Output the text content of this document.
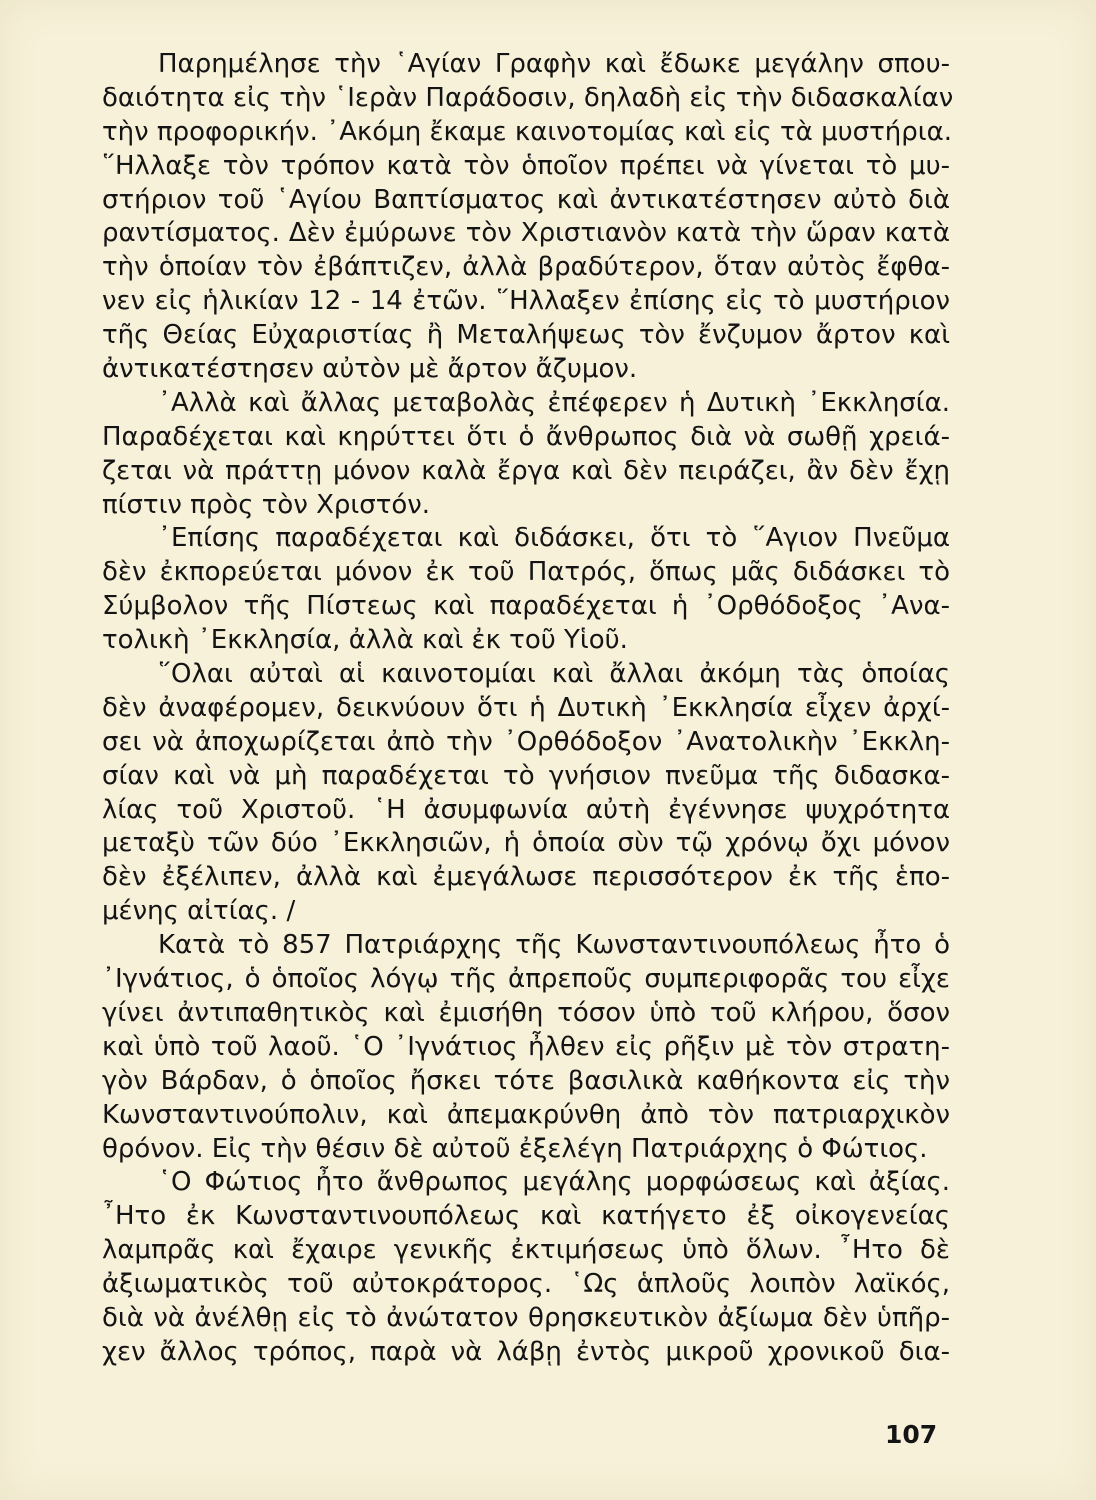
Παρημέλησε τὴν ῾Αγίαν Γραφὴν καὶ ἔδωκε μεγάλην σπου-
δαιότητα εἰς τὴν ῾Ιερὰν Παράδοσιν, δηλαδὴ εἰς τὴν διδασκαλίαν
τὴν προφορικήν. ᾿Ακόμη ἔκαμε καινοτομίας καὶ εἰς τὰ μυστήρια.
῞Ηλλαξε τὸν τρόπον κατὰ τὸν ὁποῖον πρέπει νὰ γίνεται τὸ μυ-
στήριον τοῦ ῾Αγίου Βαπτίσματος καὶ ἀντικατέστησεν αὐτὸ διὰ
ραντίσματος. Δὲν ἐμύρωνε τὸν Χριστιανὸν κατὰ τὴν ὥραν κατὰ
τὴν ὁποίαν τὸν ἐβάπτιζεν, ἀλλὰ βραδύτερον, ὅταν αὐτὸς ἔφθα-
νεν εἰς ἡλικίαν 12 - 14 ἐτῶν. ῞Ηλλαξεν ἐπίσης εἰς τὸ μυστήριον
τῆς Θείας Εὐχαριστίας ἢ Μεταλήψεως τὸν ἔνζυμον ἄρτον καὶ
ἀντικατέστησεν αὐτὸν μὲ ἄρτον ἄζυμον.
᾿Αλλὰ καὶ ἄλλας μεταβολὰς ἐπέφερεν ἡ Δυτικὴ ᾿Εκκλησία.
Παραδέχεται καὶ κηρύττει ὅτι ὁ ἄνθρωπος διὰ νὰ σωθῇ χρειά-
ζεται νὰ πράττῃ μόνον καλὰ ἔργα καὶ δὲν πειράζει, ἂν δὲν ἔχῃ
πίστιν πρὸς τὸν Χριστόν.
᾿Επίσης παραδέχεται καὶ διδάσκει, ὅτι τὸ ῞Αγιον Πνεῦμα
δὲν ἐκπορεύεται μόνον ἐκ τοῦ Πατρός, ὅπως μᾶς διδάσκει τὸ
Σύμβολον τῆς Πίστεως καὶ παραδέχεται ἡ ᾿Ορθόδοξος ᾿Ανα-
τολικὴ ᾿Εκκλησία, ἀλλὰ καὶ ἐκ τοῦ Υἱοῦ.
῞Ολαι αὐταὶ αἱ καινοτομίαι καὶ ἄλλαι ἀκόμη τὰς ὁποίας
δὲν ἀναφέρομεν, δεικνύουν ὅτι ἡ Δυτικὴ ᾿Εκκλησία εἶχεν ἀρχί-
σει νὰ ἀποχωρίζεται ἀπὸ τὴν ᾿Ορθόδοξον ᾿Ανατολικὴν ᾿Εκκλη-
σίαν καὶ νὰ μὴ παραδέχεται τὸ γνήσιον πνεῦμα τῆς διδασκα-
λίας τοῦ Χριστοῦ. ῾Η ἀσυμφωνία αὐτὴ ἐγέννησε ψυχρότητα
μεταξὺ τῶν δύο ᾿Εκκλησιῶν, ἡ ὁποία σὺν τῷ χρόνῳ ὄχι μόνον
δὲν ἐξέλιπεν, ἀλλὰ καὶ ἐμεγάλωσε περισσότερον ἐκ τῆς ἑπο-
μένης αἰτίας. /
Κατὰ τὸ 857 Πατριάρχης τῆς Κωνσταντινουπόλεως ἦτο ὁ
᾿Ιγνάτιος, ὁ ὁποῖος λόγῳ τῆς ἀπρεποῦς συμπεριφορᾶς του εἶχε
γίνει ἀντιπαθητικὸς καὶ ἐμισήθη τόσον ὑπὸ τοῦ κλήρου, ὅσον
καὶ ὑπὸ τοῦ λαοῦ. ῾Ο ᾿Ιγνάτιος ἦλθεν εἰς ρῆξιν μὲ τὸν στρατη-
γὸν Βάρδαν, ὁ ὁποῖος ἤσκει τότε βασιλικὰ καθήκοντα εἰς τὴν
Κωνσταντινούπολιν, καὶ ἀπεμακρύνθη ἀπὸ τὸν πατριαρχικὸν
θρόνον. Εἰς τὴν θέσιν δὲ αὐτοῦ ἐξελέγη Πατριάρχης ὁ Φώτιος.
῾Ο Φώτιος ἦτο ἄνθρωπος μεγάλης μορφώσεως καὶ ἀξίας.
῏Ητο ἐκ Κωνσταντινουπόλεως καὶ κατήγετο ἐξ οἰκογενείας
λαμπρᾶς καὶ ἔχαιρε γενικῆς ἐκτιμήσεως ὑπὸ ὅλων. ῏Ητο δὲ
ἀξιωματικὸς τοῦ αὐτοκράτορος. ῾Ως ἁπλοῦς λοιπὸν λαϊκός,
διὰ νὰ ἀνέλθῃ εἰς τὸ ἀνώτατον θρησκευτικὸν ἀξίωμα δὲν ὑπῆρ-
χεν ἄλλος τρόπος, παρὰ νὰ λάβῃ ἐντὸς μικροῦ χρονικοῦ δια-
107
